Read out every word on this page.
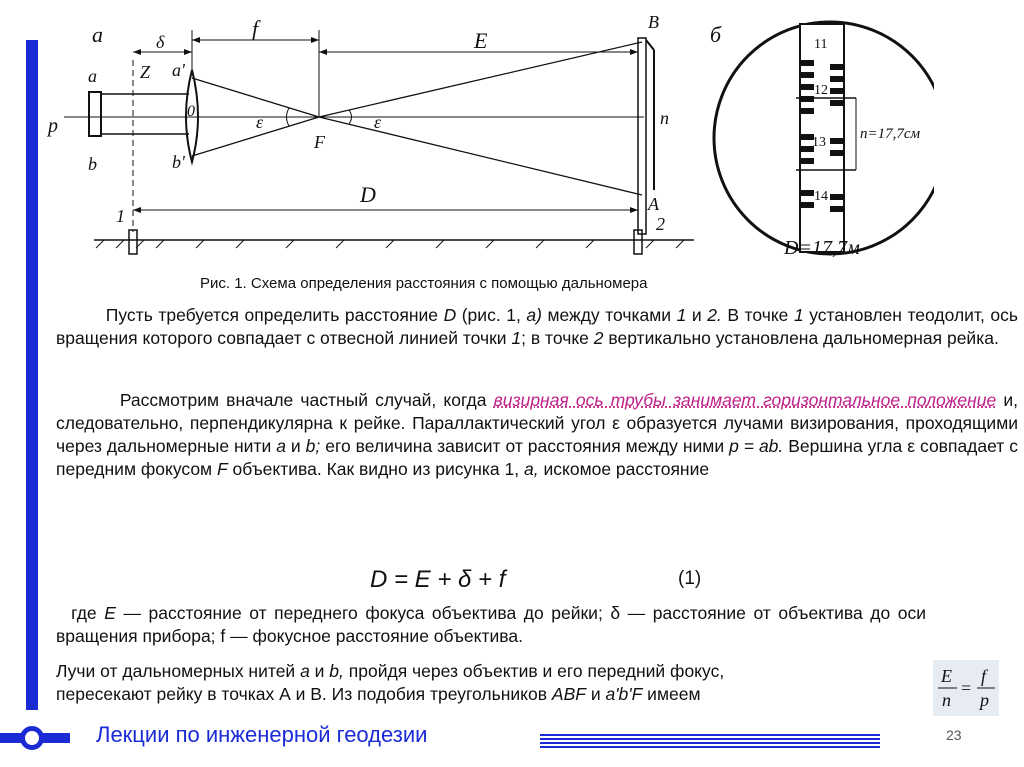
а	б
δ
f	E
Z
a	a'
b	b'
0
p	ε	ε
F
B
A
n
D
1	2
11
12
13
14
n=17,7см
D=17,7м
Рис. 1. Схема определения расстояния с помощью дальномера
Пусть требуется определить расстояние D (рис. 1, а) между точками 1 и 2. В точке 1 установлен теодолит, ось вращения которого совпадает с отвесной линией точки 1; в точке 2 вертикально установлена дальномерная рейка.
Рассмотрим вначале частный случай, когда визирная ось трубы занимает горизонтальное положение и, следовательно, перпендикулярна к рейке. Параллактический угол ε образуется лучами визирования, проходящими через дальномерные нити а и b; его величина зависит от расстояния между ними р = аb. Вершина угла ε совпадает с передним фокусом F объектива. Как видно из рисунка 1, а, искомое расстояние
D = E + δ + f	(1)
где E — расстояние от переднего фокуса объектива до рейки; δ — расстояние от объектива до оси вращения прибора; f — фокусное расстояние объектива.
Лучи от дальномерных нитей а и b, пройдя через объектив и его передний фокус,
пересекают рейку в точках А и В. Из подобия треугольников ABF и a'b'F имеем
E
n
=
f
p
Лекции по инженерной геодезии	23
